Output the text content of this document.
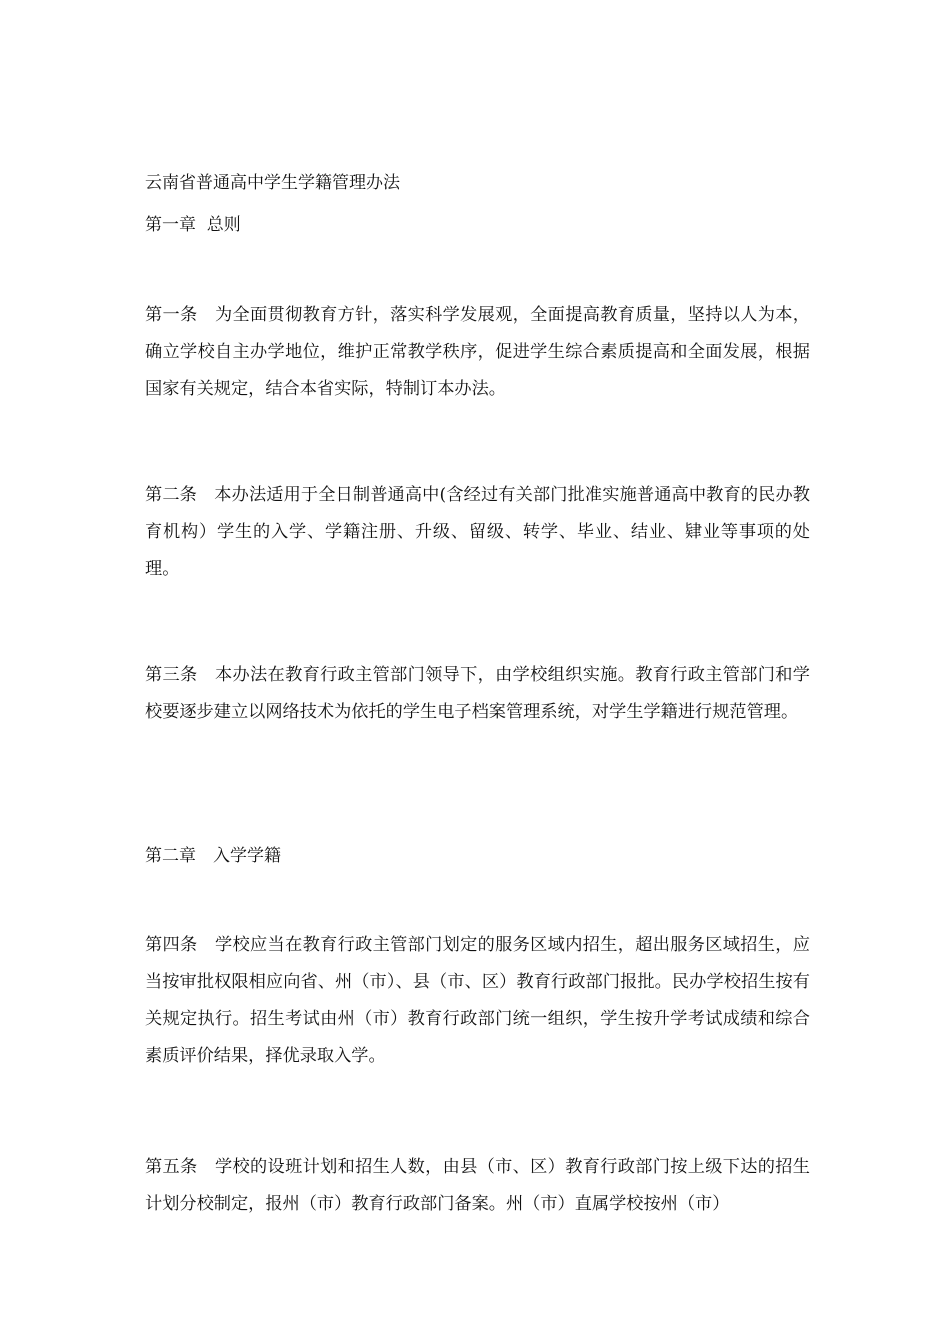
云南省普通高中学生学籍管理办法
第一章  总则
第一条　为全面贯彻教育方针，落实科学发展观，全面提高教育质量，坚持以人为本，确立学校自主办学地位，维护正常教学秩序，促进学生综合素质提高和全面发展，根据国家有关规定，结合本省实际，特制订本办法。
第二条　本办法适用于全日制普通高中(含经过有关部门批准实施普通高中教育的民办教育机构）学生的入学、学籍注册、升级、留级、转学、毕业、结业、肄业等事项的处理。
第三条　本办法在教育行政主管部门领导下，由学校组织实施。教育行政主管部门和学校要逐步建立以网络技术为依托的学生电子档案管理系统，对学生学籍进行规范管理。
第二章　入学学籍
第四条　学校应当在教育行政主管部门划定的服务区域内招生，超出服务区域招生，应当按审批权限相应向省、州（市）、县（市、区）教育行政部门报批。民办学校招生按有关规定执行。招生考试由州（市）教育行政部门统一组织，学生按升学考试成绩和综合素质评价结果，择优录取入学。
第五条　学校的设班计划和招生人数，由县（市、区）教育行政部门按上级下达的招生计划分校制定，报州（市）教育行政部门备案。州（市）直属学校按州（市）
